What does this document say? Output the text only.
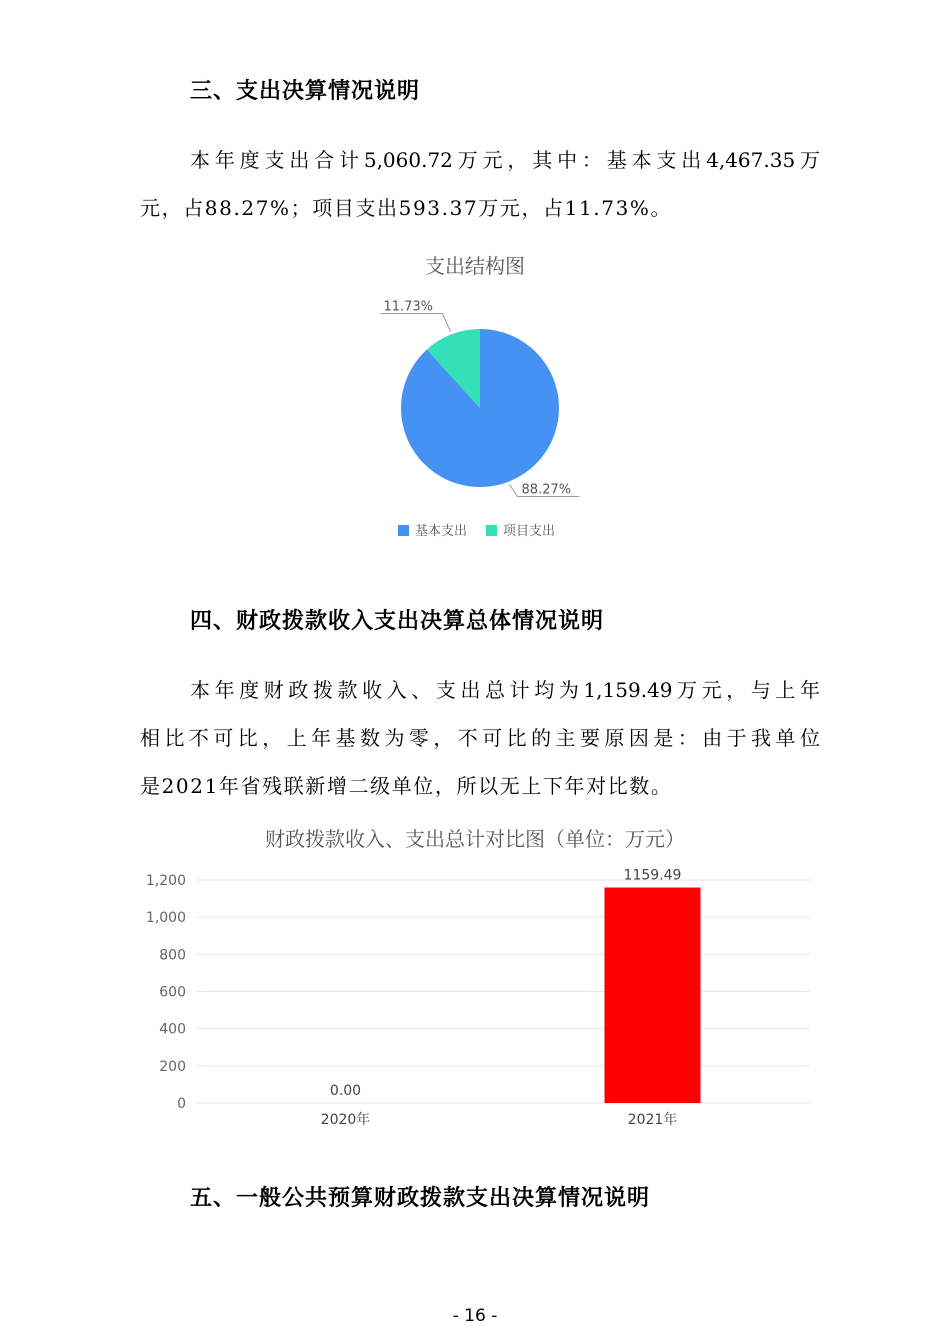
三、支出决算情况说明
本年度支出合计5,060.72万元，其中：基本支出4,467.35万
元，占88.27%；项目支出593.37万元，占11.73%。
支出结构图
88.27%
11.73%
基本支出	项目支出
四、财政拨款收入支出决算总体情况说明
本年度财政拨款收入、支出总计均为1,159.49万元，与上年
相比不可比，上年基数为零，不可比的主要原因是：由于我单位
是2021年省残联新增二级单位，所以无上下年对比数。
财政拨款收入、支出总计对比图（单位：万元）
0
200
400
600
800
1,000
1,200
0.00
2020年
1159.49
2021年
五、一般公共预算财政拨款支出决算情况说明
- 16 -
